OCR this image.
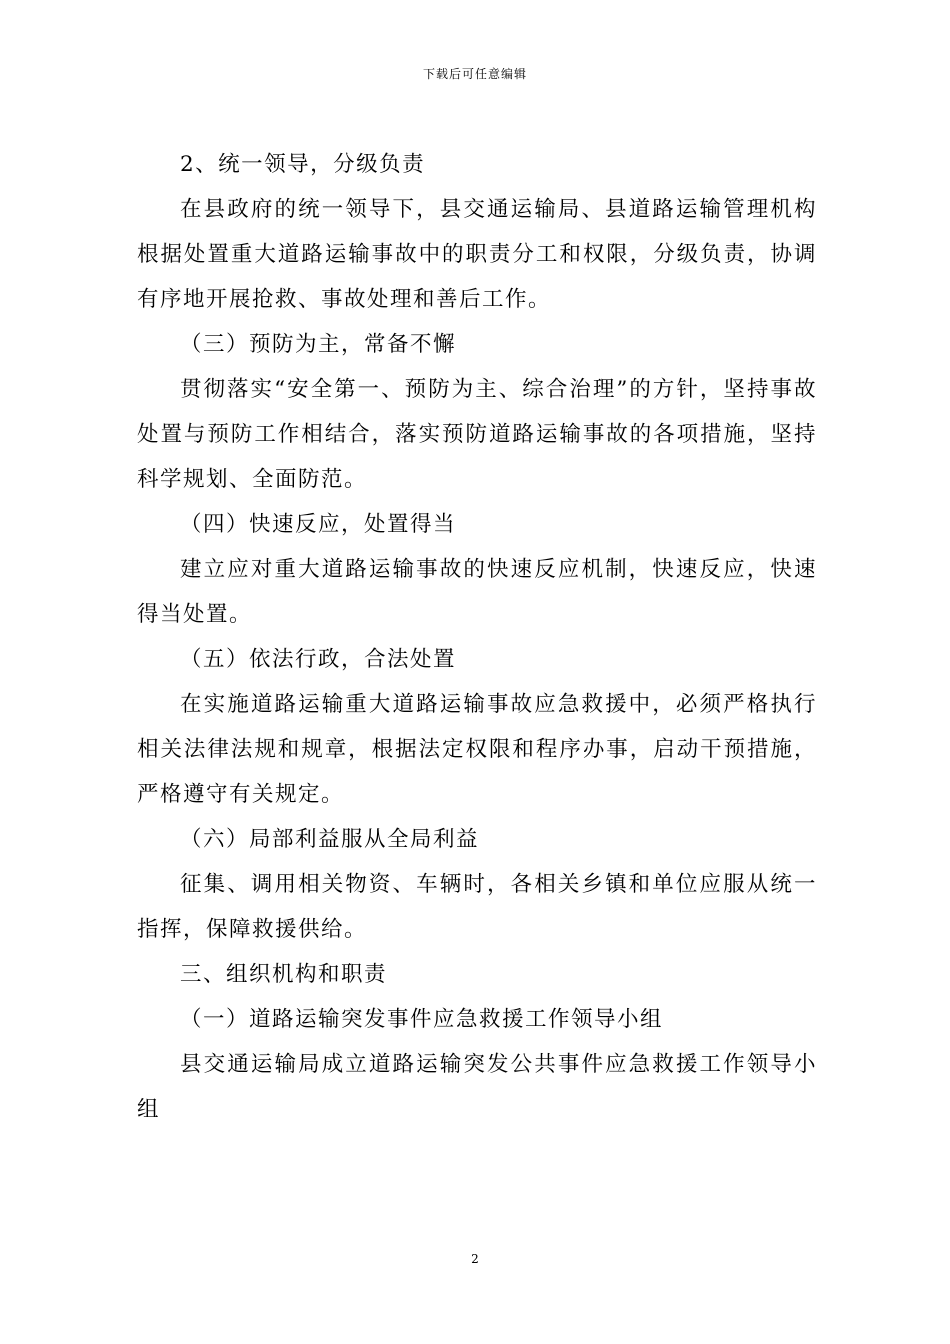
下载后可任意编辑

2、统一领导，分级负责

在县政府的统一领导下，县交通运输局、县道路运输管理机构根据处置重大道路运输事故中的职责分工和权限，分级负责，协调有序地开展抢救、事故处理和善后工作。

（三）预防为主，常备不懈

贯彻落实“安全第一、预防为主、综合治理”的方针，坚持事故处置与预防工作相结合，落实预防道路运输事故的各项措施，坚持科学规划、全面防范。

（四）快速反应，处置得当

建立应对重大道路运输事故的快速反应机制，快速反应，快速得当处置。

（五）依法行政，合法处置

在实施道路运输重大道路运输事故应急救援中，必须严格执行相关法律法规和规章，根据法定权限和程序办事，启动干预措施，严格遵守有关规定。

（六）局部利益服从全局利益

征集、调用相关物资、车辆时，各相关乡镇和单位应服从统一指挥，保障救援供给。

三、组织机构和职责

（一）道路运输突发事件应急救援工作领导小组

县交通运输局成立道路运输突发公共事件应急救援工作领导小组

2
